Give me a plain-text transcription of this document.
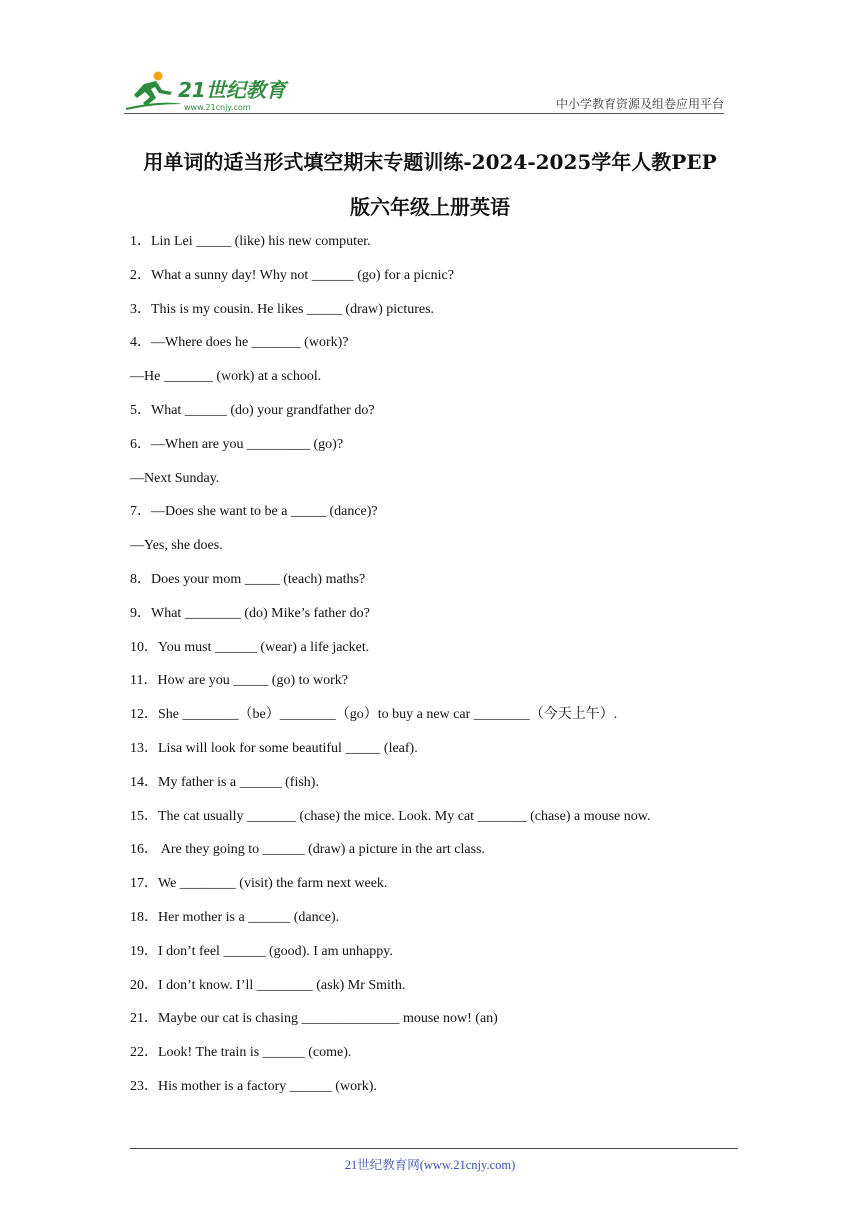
21世纪教育
www.21cnjy.com	中小学教育资源及组卷应用平台
用单词的适当形式填空期末专题训练-2024-2025学年人教PEP
版六年级上册英语
1．Lin Lei _____ (like) his new computer.
2．What a sunny day! Why not ______ (go) for a picnic?
3．This is my cousin. He likes _____ (draw) pictures.
4．—Where does he _______ (work)?
—He _______ (work) at a school.
5．What ______ (do) your grandfather do?
6．—When are you _________ (go)?
—Next Sunday.
7．—Does she want to be a _____ (dance)?
—Yes, she does.
8．Does your mom _____ (teach) maths?
9．What ________ (do) Mike’s father do?
10．You must ______ (wear) a life jacket.
11．How are you _____ (go) to work?
12．She ________（be）________（go）to buy a new car ________（今天上午）.
13．Lisa will look for some beautiful _____ (leaf).
14．My father is a ______ (fish).
15．The cat usually _______ (chase) the mice. Look. My cat _______ (chase) a mouse now.
16． Are they going to ______ (draw) a picture in the art class.
17．We ________ (visit) the farm next week.
18．Her mother is a ______ (dance).
19．I don’t feel ______ (good). I am unhappy.
20．I don’t know. I’ll ________ (ask) Mr Smith.
21．Maybe our cat is chasing ______________ mouse now! (an)
22．Look! The train is ______ (come).
23．His mother is a factory ______ (work).
21世纪教育网(www.21cnjy.com)
